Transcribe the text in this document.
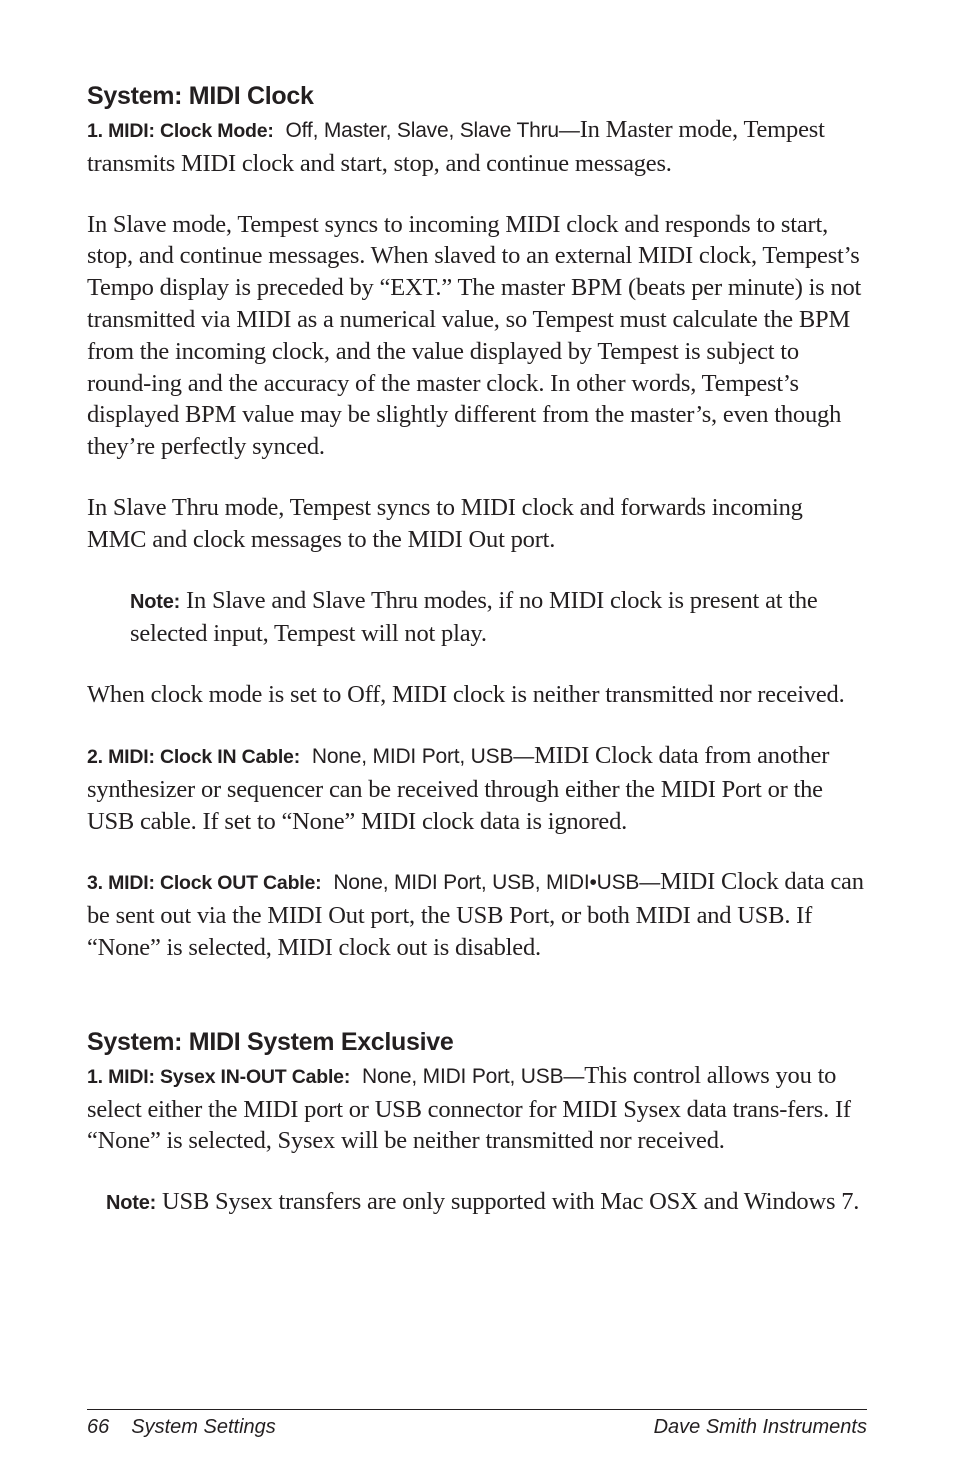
System: MIDI Clock

1. MIDI: Clock Mode: Off, Master, Slave, Slave Thru—In Master mode, Tempest transmits MIDI clock and start, stop, and continue messages.

In Slave mode, Tempest syncs to incoming MIDI clock and responds to start, stop, and continue messages. When slaved to an external MIDI clock, Tempest’s Tempo display is preceded by “EXT.” The master BPM (beats per minute) is not transmitted via MIDI as a numerical value, so Tempest must calculate the BPM from the incoming clock, and the value displayed by Tempest is subject to round-ing and the accuracy of the master clock. In other words, Tempest’s displayed BPM value may be slightly different from the master’s, even though they’re perfectly synced.

In Slave Thru mode, Tempest syncs to MIDI clock and forwards incoming MMC and clock messages to the MIDI Out port.

Note: In Slave and Slave Thru modes, if no MIDI clock is present at the selected input, Tempest will not play.

When clock mode is set to Off, MIDI clock is neither transmitted nor received.

2. MIDI: Clock IN Cable: None, MIDI Port, USB—MIDI Clock data from another synthesizer or sequencer can be received through either the MIDI Port or the USB cable. If set to “None” MIDI clock data is ignored.

3. MIDI: Clock OUT Cable: None, MIDI Port, USB, MIDI•USB—MIDI Clock data can be sent out via the MIDI Out port, the USB Port, or both MIDI and USB. If “None” is selected, MIDI clock out is disabled.

System: MIDI System Exclusive

1. MIDI: Sysex IN-OUT Cable: None, MIDI Port, USB—This control allows you to select either the MIDI port or USB connector for MIDI Sysex data trans-fers. If “None” is selected, Sysex will be neither transmitted nor received.

Note: USB Sysex transfers are only supported with Mac OSX and Windows 7.

66 System Settings	Dave Smith Instruments
